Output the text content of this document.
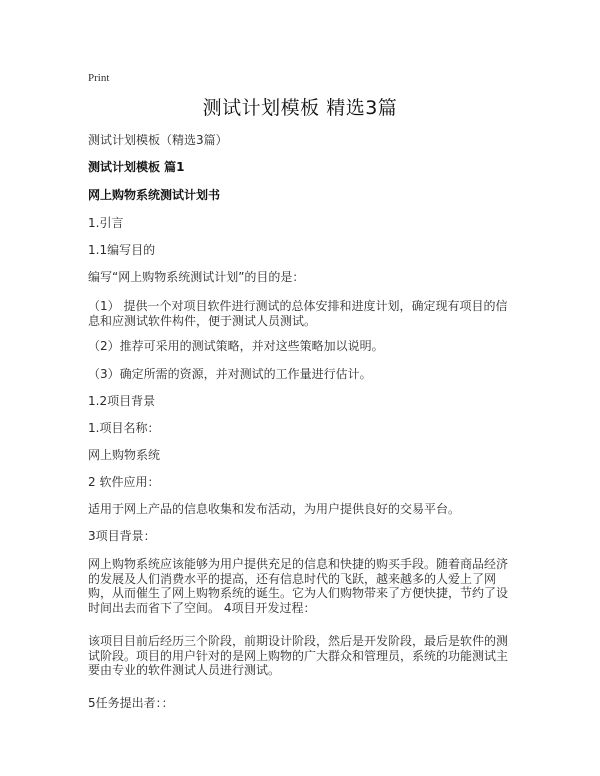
Print
测试计划模板 精选3篇
测试计划模板（精选3篇）
测试计划模板 篇1
网上购物系统测试计划书
1.引言
1.1编写目的
编写“网上购物系统测试计划”的目的是：
（1） 提供一个对项目软件进行测试的总体安排和进度计划，确定现有项目的信息和应测试软件构件，便于测试人员测试。
（2）推荐可采用的测试策略，并对这些策略加以说明。
（3）确定所需的资源，并对测试的工作量进行估计。
1.2项目背景
1.项目名称：
网上购物系统
2 软件应用：
适用于网上产品的信息收集和发布活动，为用户提供良好的交易平台。
3项目背景：
网上购物系统应该能够为用户提供充足的信息和快捷的购买手段。随着商品经济的发展及人们消费水平的提高，还有信息时代的飞跃，越来越多的人爱上了网购，从而催生了网上购物系统的诞生。它为人们购物带来了方便快捷，节约了设时间出去而省下了空间。 4项目开发过程：
该项目目前后经历三个阶段，前期设计阶段，然后是开发阶段，最后是软件的测试阶段。项目的用户针对的是网上购物的广大群众和管理员，系统的功能测试主要由专业的软件测试人员进行测试。
5任务提出者：：
